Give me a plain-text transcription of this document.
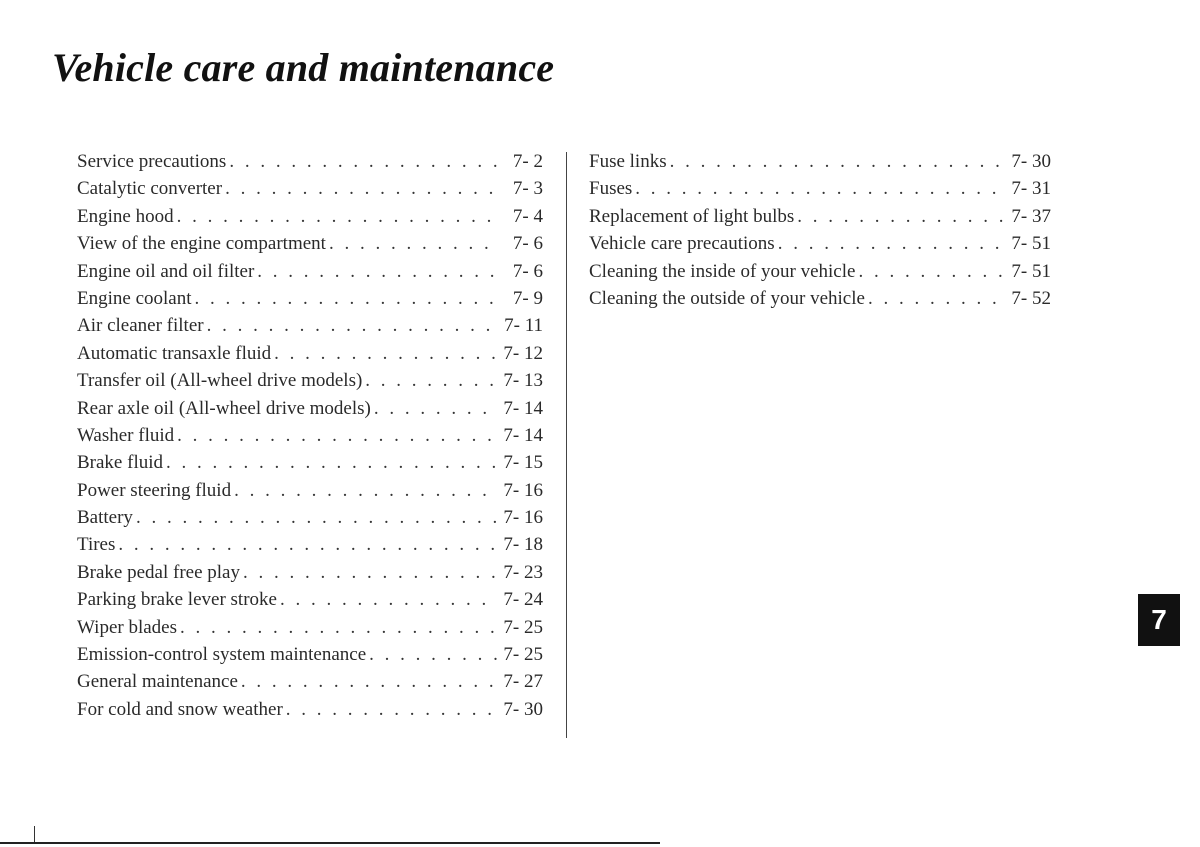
Vehicle care and maintenance
Service precautions . . .	7- 2
Catalytic converter . . .	7- 3
Engine hood . . .	7- 4
View of the engine compartment . . .	7- 6
Engine oil and oil filter . . .	7- 6
Engine coolant . . .	7- 9
Air cleaner filter . . .	7- 11
Automatic transaxle fluid . . .	7- 12
Transfer oil (All-wheel drive models) . . .	7- 13
Rear axle oil (All-wheel drive models) . . .	7- 14
Washer fluid . . .	7- 14
Brake fluid . . .	7- 15
Power steering fluid . . .	7- 16
Battery . . .	7- 16
Tires . . .	7- 18
Brake pedal free play . . .	7- 23
Parking brake lever stroke . . .	7- 24
Wiper blades . . .	7- 25
Emission-control system maintenance . . .	7- 25
General maintenance . . .	7- 27
For cold and snow weather . . .	7- 30
Fuse links . . .	7- 30
Fuses . . .	7- 31
Replacement of light bulbs . . .	7- 37
Vehicle care precautions . . .	7- 51
Cleaning the inside of your vehicle . . .	7- 51
Cleaning the outside of your vehicle . . .	7- 52
7
